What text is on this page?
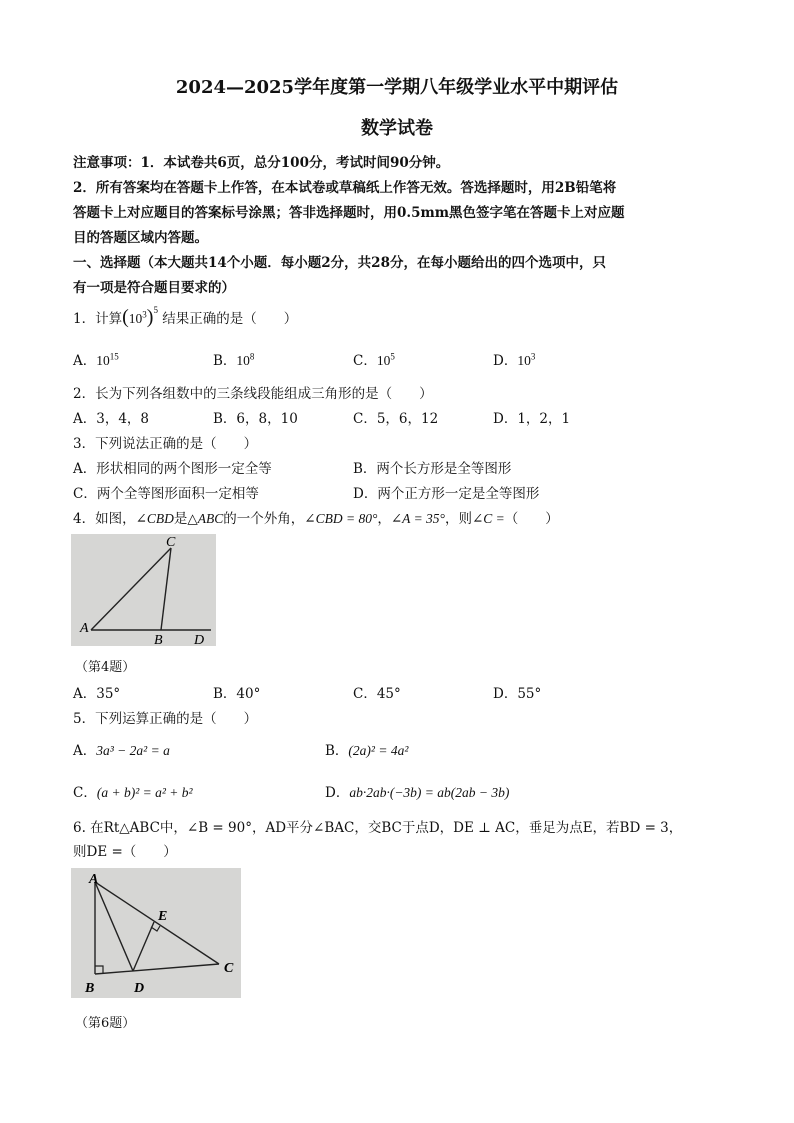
2024—2025学年度第一学期八年级学业水平中期评估
数学试卷
注意事项：1．本试卷共6页，总分100分，考试时间90分钟。
2．所有答案均在答题卡上作答，在本试卷或草稿纸上作答无效。答选择题时，用2B铅笔将
答题卡上对应题目的答案标号涂黑；答非选择题时，用0.5mm黑色签字笔在答题卡上对应题
目的答题区域内答题。
一、选择题（本大题共14个小题．每小题2分，共28分，在每小题给出的四个选项中，只
有一项是符合题目要求的）
1．计算$(10^3)^5$ 结果正确的是（　　）
A．$10^{15}$	B．$10^8$	C．$10^5$	D．$10^3$
2．长为下列各组数中的三条线段能组成三角形的是（　　）
A．3，4，8	B．6，8，10	C．5，6，12	D．1，2，1
3．下列说法正确的是（　　）
A．形状相同的两个图形一定全等	B．两个长方形是全等图形
C．两个全等图形面积一定相等	D．两个正方形一定是全等图形
4．如图，∠CBD是△ABC的一个外角，∠CBD = 80°，∠A = 35°，则∠C =（　　）
C
A
B D
（第4题）
A．35°	B．40°	C．45°	D．55°
5．下列运算正确的是（　　）
A．3a³ − 2a² = a	B．(2a)² = 4a²
C．(a + b)² = a² + b²	D．ab·2ab·(−3b) = ab(2ab − 3b)
6. 在Rt△ABC中，∠B = 90°，AD平分∠BAC，交BC于点D，DE ⊥ AC，垂足为点E，若BD = 3，
则DE =（　　）
A
E
C
B	D
（第6题）
